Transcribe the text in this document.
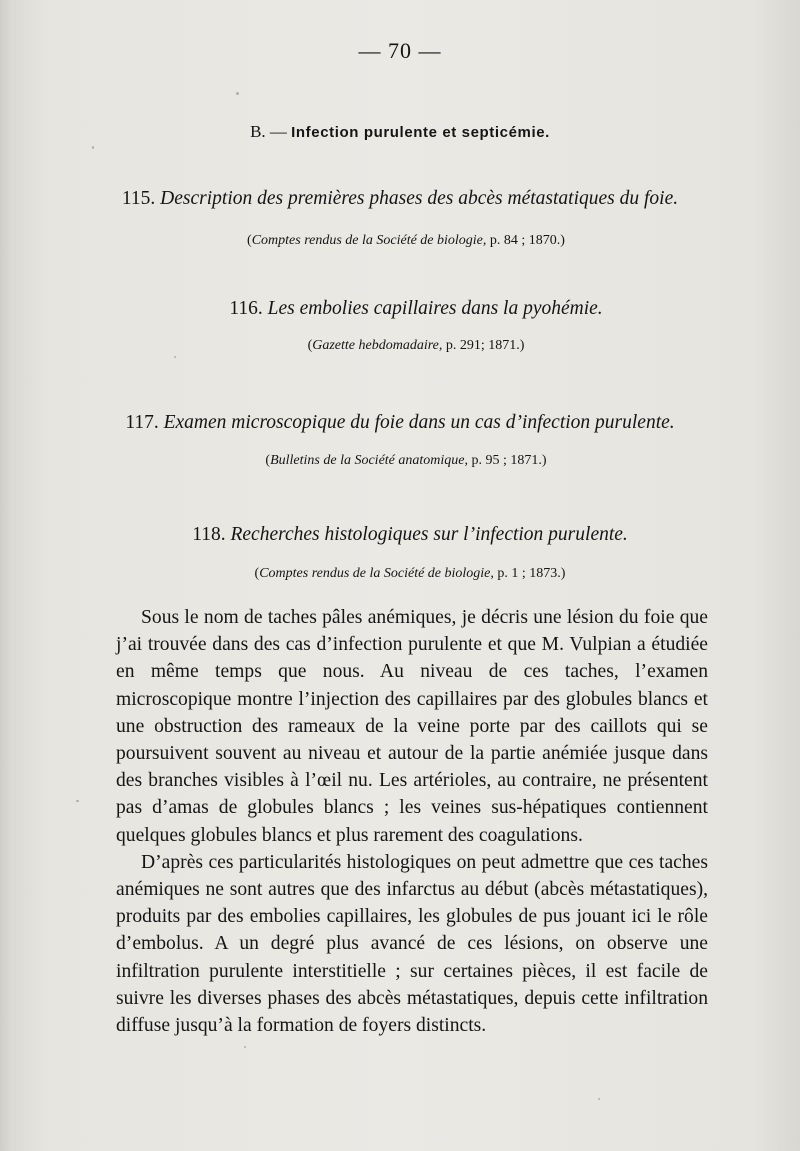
— 70 —
B. — Infection purulente et septicémie.
115. Description des premières phases des abcès métastatiques du foie.
(Comptes rendus de la Société de biologie, p. 84 ; 1870.)
116. Les embolies capillaires dans la pyohémie.
(Gazette hebdomadaire, p. 291; 1871.)
117. Examen microscopique du foie dans un cas d’infection purulente.
(Bulletins de la Société anatomique, p. 95 ; 1871.)
118. Recherches histologiques sur l’infection purulente.
(Comptes rendus de la Société de biologie, p. 1 ; 1873.)

Sous le nom de taches pâles anémiques, je décris une lésion du foie que j’ai trouvée dans des cas d’infection purulente et que M. Vulpian a étudiée en même temps que nous. Au niveau de ces taches, l’examen microscopique montre l’injection des capillaires par des globules blancs et une obstruction des rameaux de la veine porte par des caillots qui se poursuivent souvent au niveau et autour de la partie anémiée jusque dans des branches visibles à l’œil nu. Les artérioles, au contraire, ne présentent pas d’amas de globules blancs ; les veines sus-hépatiques contiennent quelques globules blancs et plus rarement des coagulations.

D’après ces particularités histologiques on peut admettre que ces taches anémiques ne sont autres que des infarctus au début (abcès métastatiques), produits par des embolies capillaires, les globules de pus jouant ici le rôle d’embolus. A un degré plus avancé de ces lésions, on observe une infiltration purulente interstitielle ; sur certaines pièces, il est facile de suivre les diverses phases des abcès métastatiques, depuis cette infiltration diffuse jusqu’à la formation de foyers distincts.
